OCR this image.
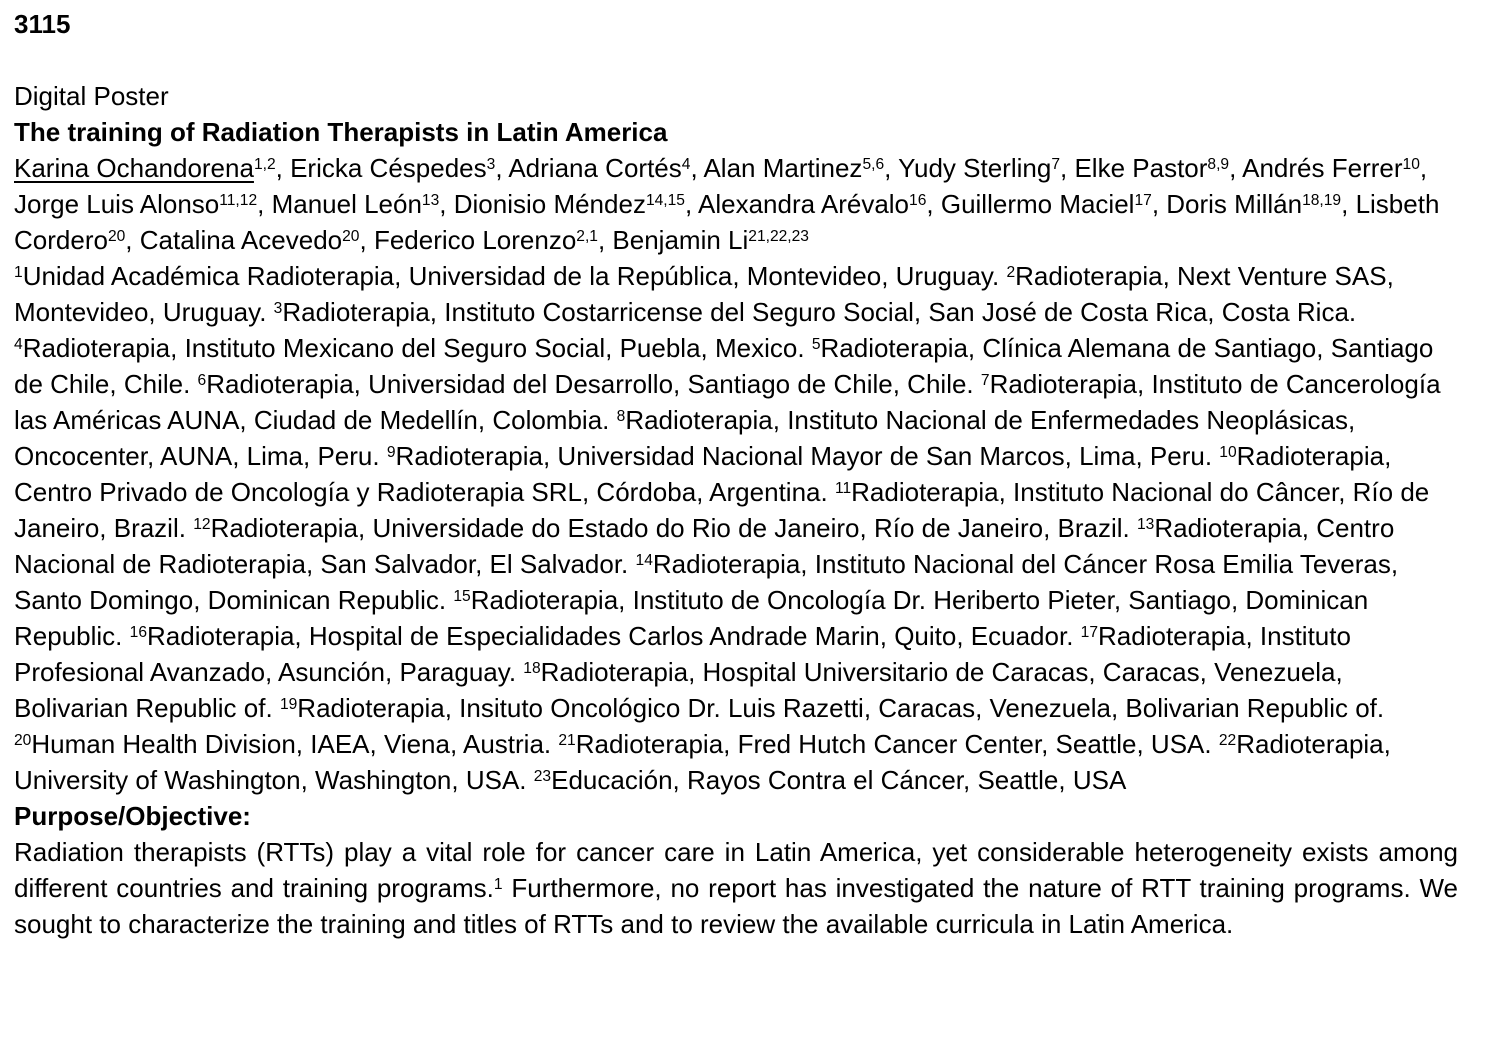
3115

Digital Poster

The training of Radiation Therapists in Latin America

Karina Ochandorena$^{1,2}$, Ericka Céspedes$^3$, Adriana Cortés$^4$, Alan Martinez$^{5,6}$, Yudy Sterling$^7$, Elke Pastor$^{8,9}$, Andrés Ferrer$^{10}$, Jorge Luis Alonso$^{11,12}$, Manuel León$^{13}$, Dionisio Méndez$^{14,15}$, Alexandra Arévalo$^{16}$, Guillermo Maciel$^{17}$, Doris Millán$^{18,19}$, Lisbeth Cordero$^{20}$, Catalina Acevedo$^{20}$, Federico Lorenzo$^{2,1}$, Benjamin Li$^{21,22,23}$

$^1$Unidad Académica Radioterapia, Universidad de la República, Montevideo, Uruguay. $^2$Radioterapia, Next Venture SAS, Montevideo, Uruguay. $^3$Radioterapia, Instituto Costarricense del Seguro Social, San José de Costa Rica, Costa Rica. $^4$Radioterapia, Instituto Mexicano del Seguro Social, Puebla, Mexico. $^5$Radioterapia, Clínica Alemana de Santiago, Santiago de Chile, Chile. $^6$Radioterapia, Universidad del Desarrollo, Santiago de Chile, Chile. $^7$Radioterapia, Instituto de Cancerología las Américas AUNA, Ciudad de Medellín, Colombia. $^8$Radioterapia, Instituto Nacional de Enfermedades Neoplásicas, Oncocenter, AUNA, Lima, Peru. $^9$Radioterapia, Universidad Nacional Mayor de San Marcos, Lima, Peru. $^{10}$Radioterapia, Centro Privado de Oncología y Radioterapia SRL, Córdoba, Argentina. $^{11}$Radioterapia, Instituto Nacional do Câncer, Río de Janeiro, Brazil. $^{12}$Radioterapia, Universidade do Estado do Rio de Janeiro, Río de Janeiro, Brazil. $^{13}$Radioterapia, Centro Nacional de Radioterapia, San Salvador, El Salvador. $^{14}$Radioterapia, Instituto Nacional del Cáncer Rosa Emilia Teveras, Santo Domingo, Dominican Republic. $^{15}$Radioterapia, Instituto de Oncología Dr. Heriberto Pieter, Santiago, Dominican Republic. $^{16}$Radioterapia, Hospital de Especialidades Carlos Andrade Marin, Quito, Ecuador. $^{17}$Radioterapia, Instituto Profesional Avanzado, Asunción, Paraguay. $^{18}$Radioterapia, Hospital Universitario de Caracas, Caracas, Venezuela, Bolivarian Republic of. $^{19}$Radioterapia, Insituto Oncológico Dr. Luis Razetti, Caracas, Venezuela, Bolivarian Republic of. $^{20}$Human Health Division, IAEA, Viena, Austria. $^{21}$Radioterapia, Fred Hutch Cancer Center, Seattle, USA. $^{22}$Radioterapia, University of Washington, Washington, USA. $^{23}$Educación, Rayos Contra el Cáncer, Seattle, USA

Purpose/Objective:

Radiation therapists (RTTs) play a vital role for cancer care in Latin America, yet considerable heterogeneity exists among different countries and training programs.$^1$ Furthermore, no report has investigated the nature of RTT training programs. We sought to characterize the training and titles of RTTs and to review the available curricula in Latin America.
